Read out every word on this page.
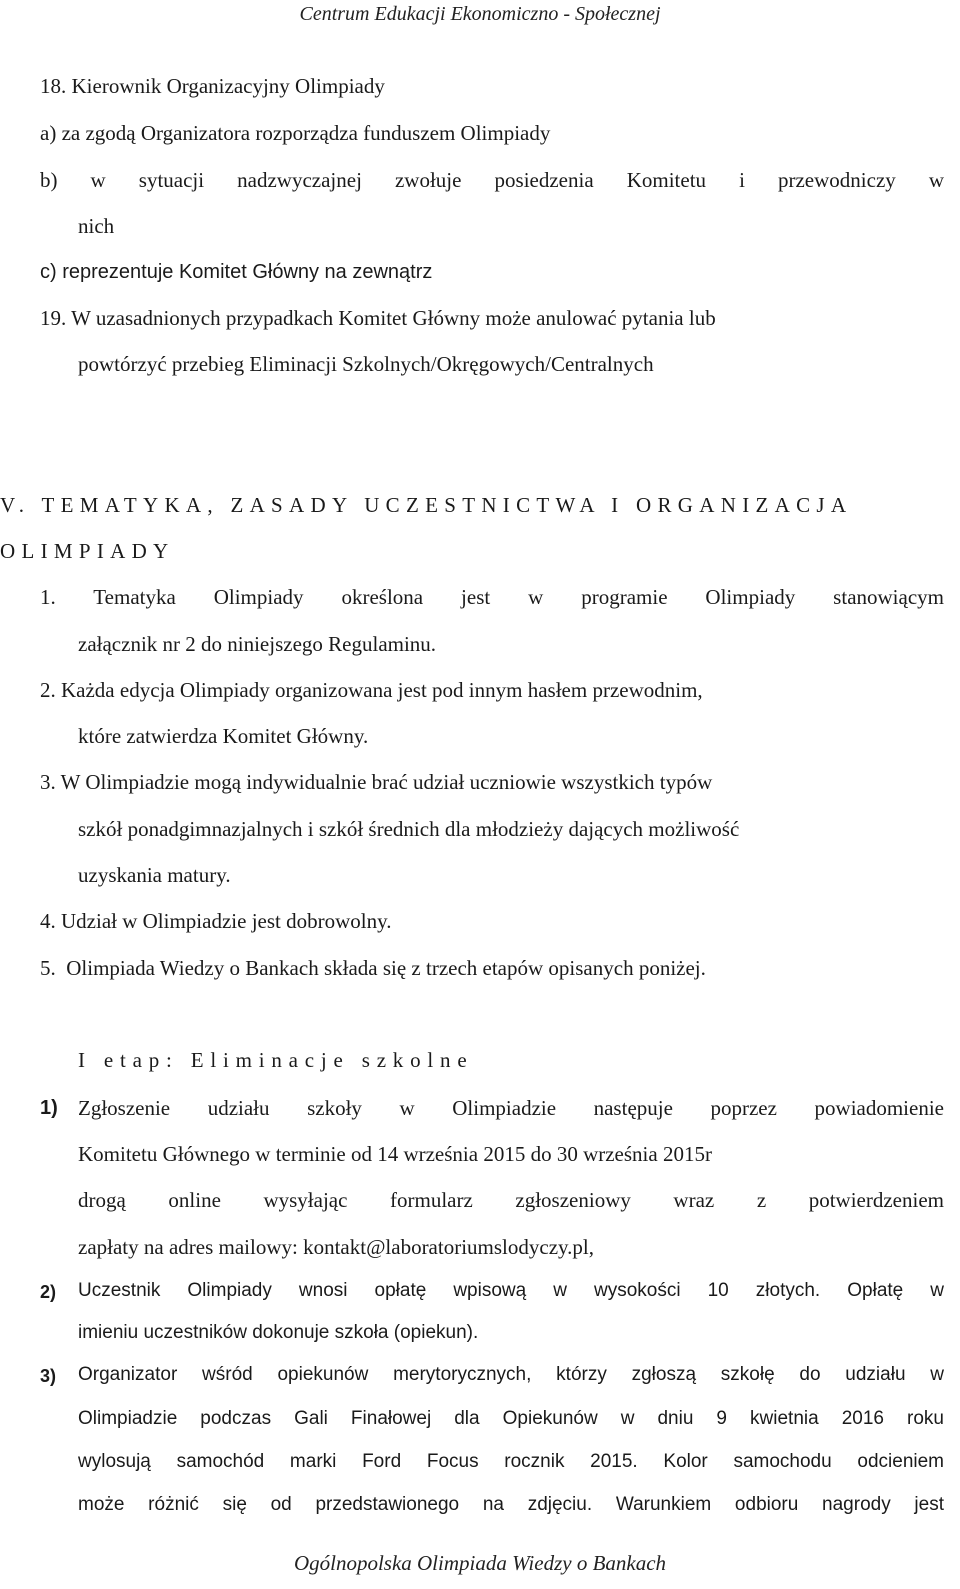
Centrum Edukacji Ekonomiczno - Społecznej
18. Kierownik Organizacyjny Olimpiady
a) za zgodą Organizatora rozporządza funduszem Olimpiady
b) w sytuacji nadzwyczajnej zwołuje posiedzenia Komitetu i przewodniczy w
nich
c) reprezentuje Komitet Główny na zewnątrz
19. W uzasadnionych przypadkach Komitet Główny może anulować pytania lub
powtórzyć przebieg Eliminacji Szkolnych/Okręgowych/Centralnych
V. TEMATYKA, ZASADY UCZESTNICTWA I ORGANIZACJA
OLIMPIADY
1. Tematyka Olimpiady określona jest w programie Olimpiady stanowiącym
załącznik nr 2 do niniejszego Regulaminu.
2. Każda edycja Olimpiady organizowana jest pod innym hasłem przewodnim,
które zatwierdza Komitet Główny.
3. W Olimpiadzie mogą indywidualnie brać udział uczniowie wszystkich typów
szkół ponadgimnazjalnych i szkół średnich dla młodzieży dających możliwość
uzyskania matury.
4. Udział w Olimpiadzie jest dobrowolny.
5. Olimpiada Wiedzy o Bankach składa się z trzech etapów opisanych poniżej.
I etap: Eliminacje szkolne
1) Zgłoszenie udziału szkoły w Olimpiadzie następuje poprzez powiadomienie
Komitetu Głównego w terminie od 14 września 2015 do 30 września 2015r
drogą online wysyłając formularz zgłoszeniowy wraz z potwierdzeniem
zapłaty na adres mailowy: kontakt@laboratoriumslodyczy.pl,
2) Uczestnik Olimpiady wnosi opłatę wpisową w wysokości 10 złotych. Opłatę w
imieniu uczestników dokonuje szkoła (opiekun).
3) Organizator wśród opiekunów merytorycznych, którzy zgłoszą szkołę do udziału w
Olimpiadzie podczas Gali Finałowej dla Opiekunów w dniu 9 kwietnia 2016 roku
wylosują samochód marki Ford Focus rocznik 2015. Kolor samochodu odcieniem
może różnić się od przedstawionego na zdjęciu. Warunkiem odbioru nagrody jest
Ogólnopolska Olimpiada Wiedzy o Bankach
